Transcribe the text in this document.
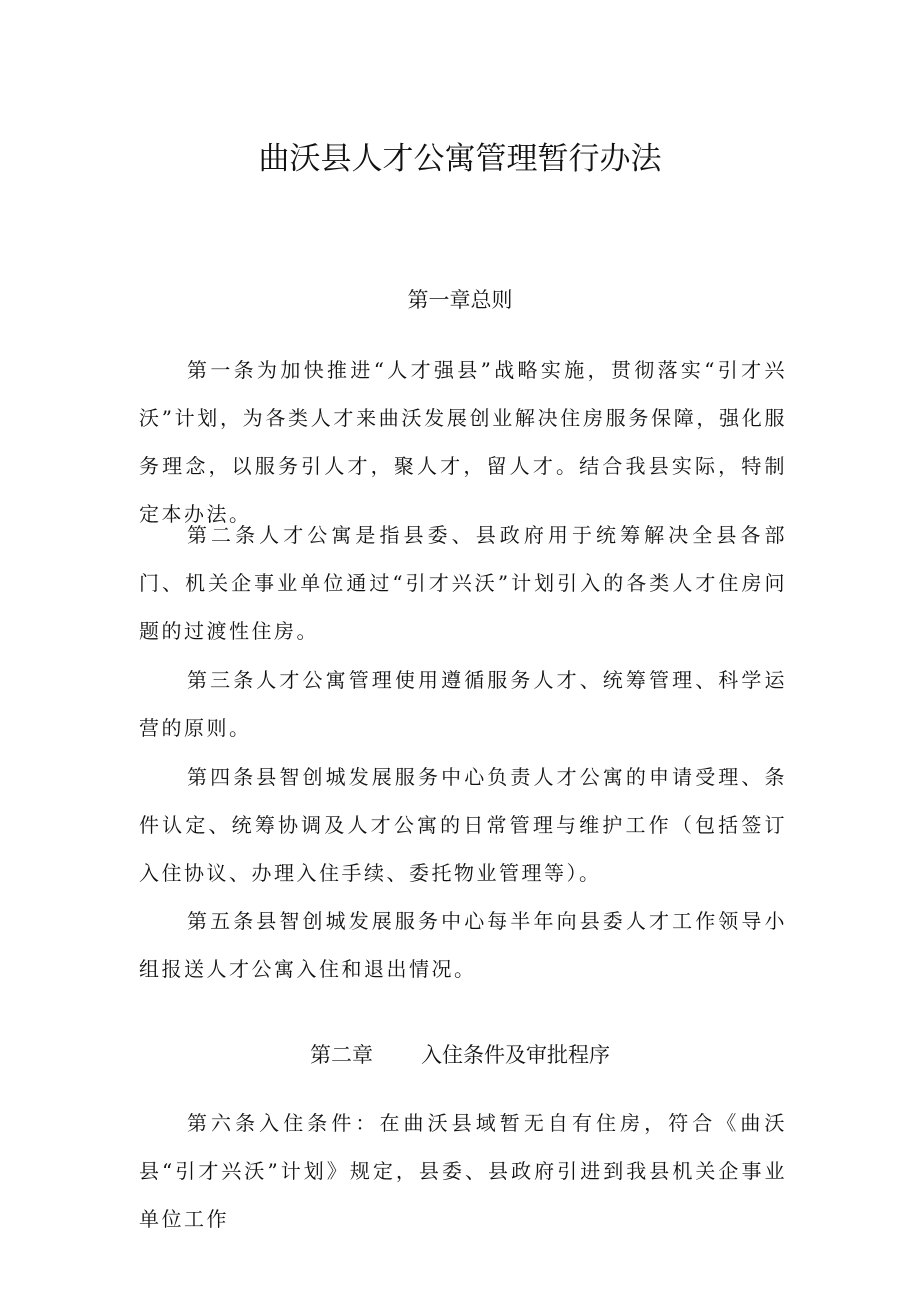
曲沃县人才公寓管理暂行办法
第一章总则

第一条为加快推进“人才强县”战略实施，贯彻落实“引才兴沃”计划，为各类人才来曲沃发展创业解决住房服务保障，强化服务理念，以服务引人才，聚人才，留人才。结合我县实际，特制定本办法。

第二条人才公寓是指县委、县政府用于统筹解决全县各部门、机关企事业单位通过“引才兴沃”计划引入的各类人才住房问题的过渡性住房。

第三条人才公寓管理使用遵循服务人才、统筹管理、科学运营的原则。

第四条县智创城发展服务中心负责人才公寓的申请受理、条件认定、统筹协调及人才公寓的日常管理与维护工作（包括签订入住协议、办理入住手续、委托物业管理等）。

第五条县智创城发展服务中心每半年向县委人才工作领导小组报送人才公寓入住和退出情况。

第二章 入住条件及审批程序

第六条入住条件：在曲沃县域暂无自有住房，符合《曲沃县“引才兴沃”计划》规定，县委、县政府引进到我县机关企事业单位工作
